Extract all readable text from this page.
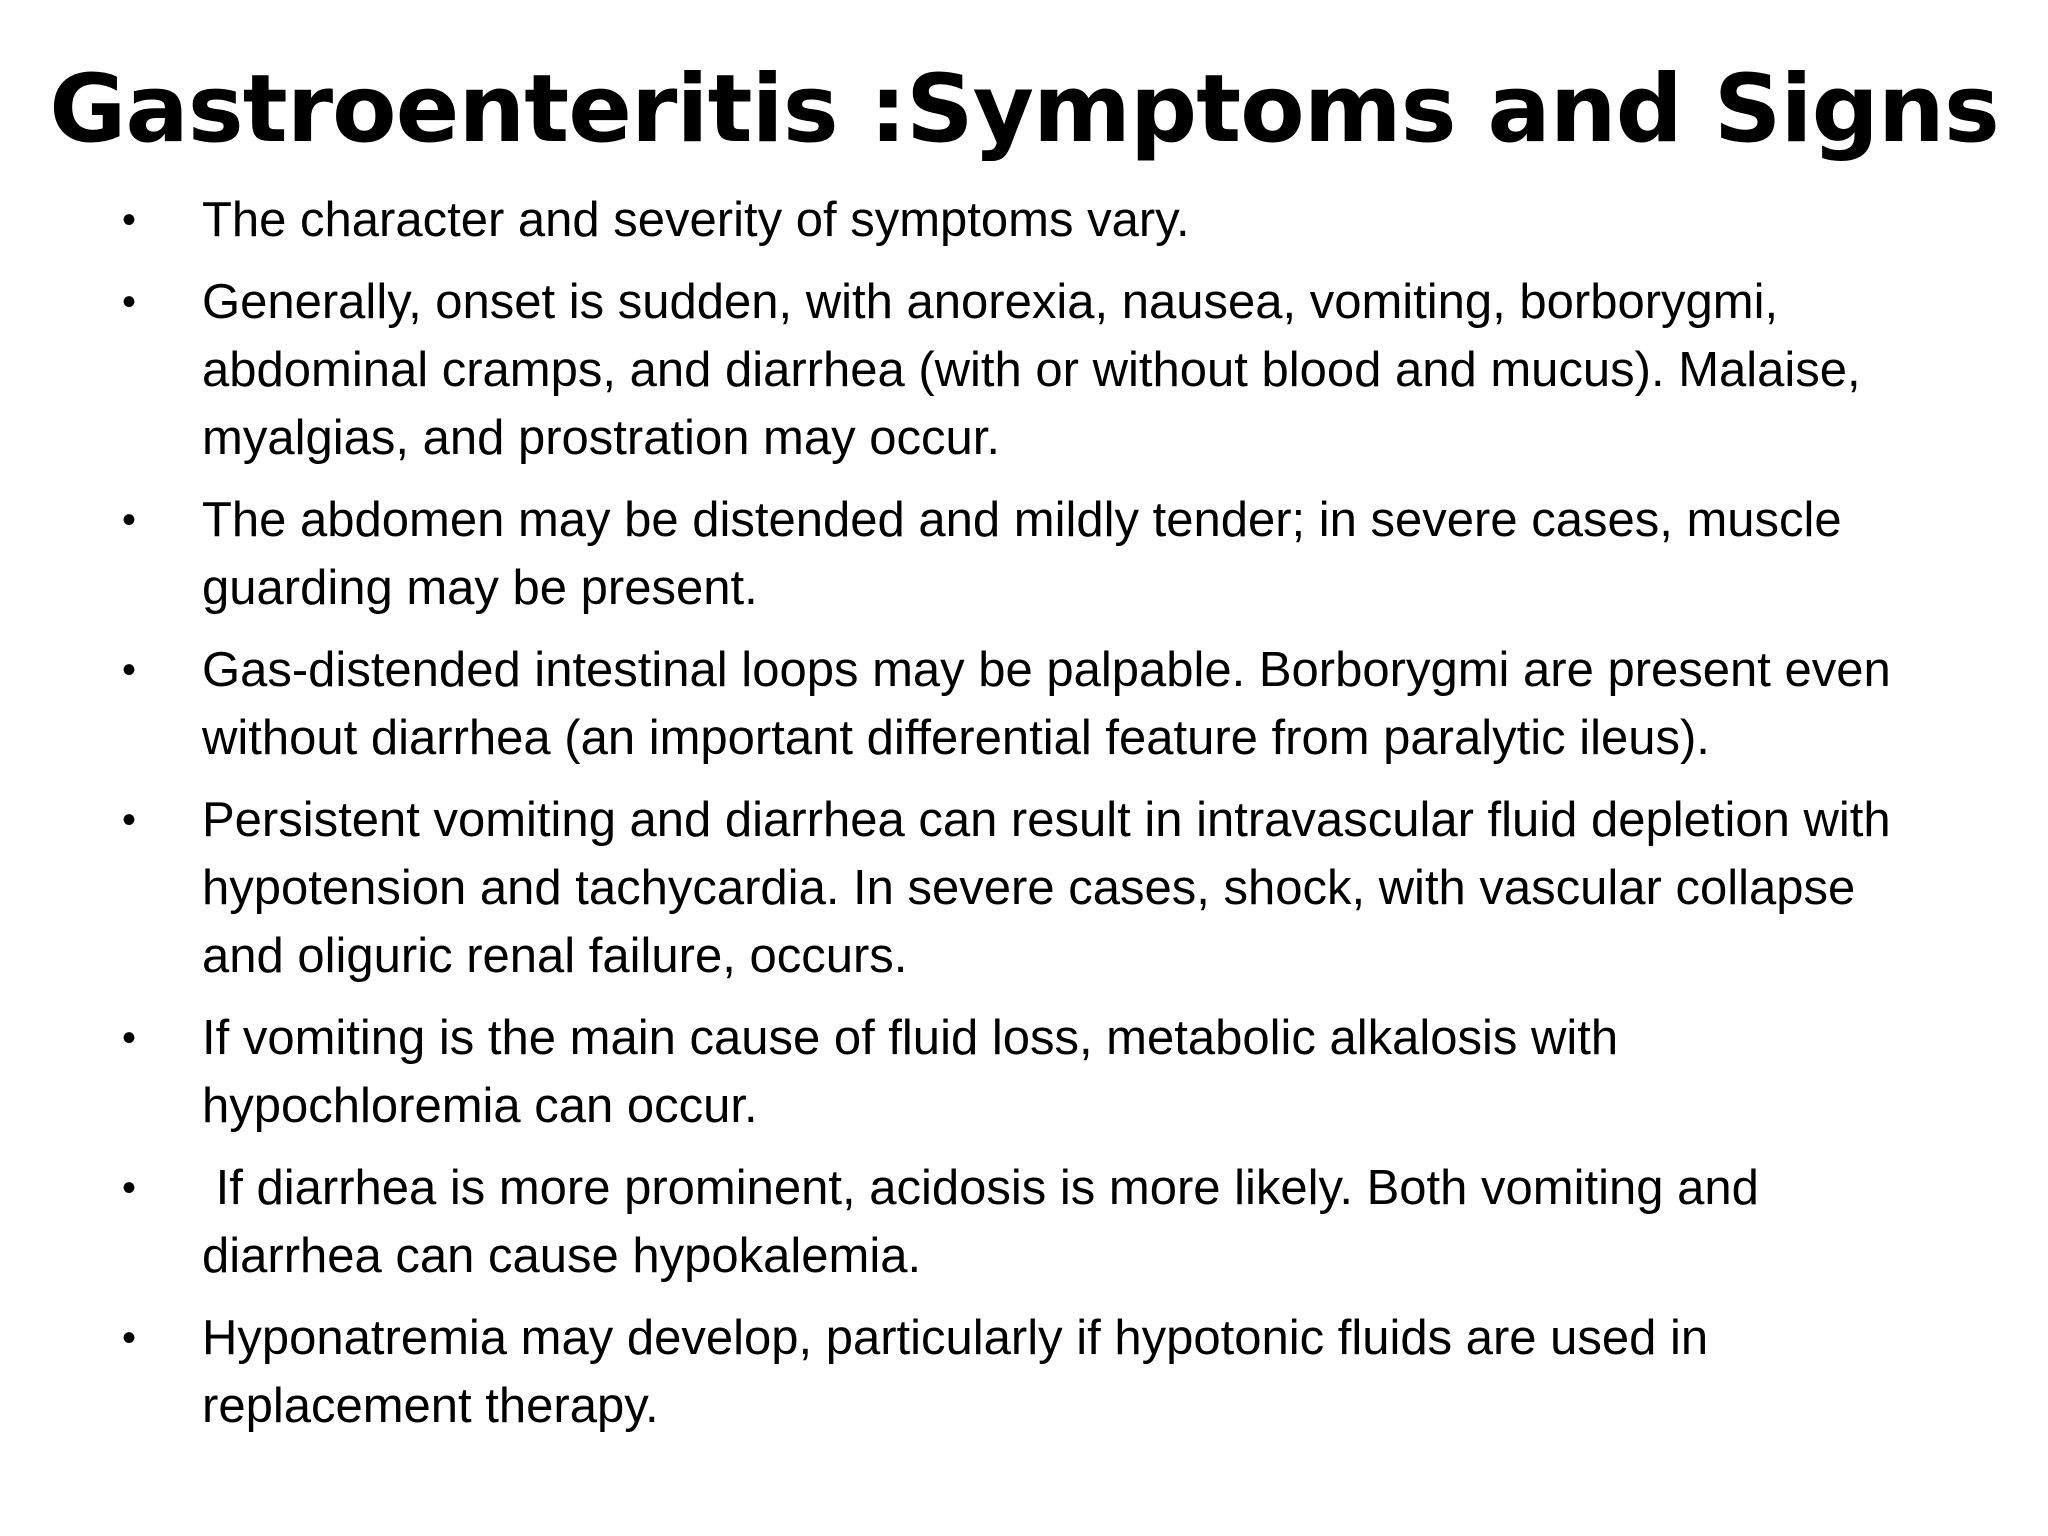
Gastroenteritis :Symptoms and Signs
• The character and severity of symptoms vary.
• Generally, onset is sudden, with anorexia, nausea, vomiting, borborygmi, abdominal cramps, and diarrhea (with or without blood and mucus). Malaise, myalgias, and prostration may occur.
• The abdomen may be distended and mildly tender; in severe cases, muscle guarding may be present.
• Gas-distended intestinal loops may be palpable. Borborygmi are present even without diarrhea (an important differential feature from paralytic ileus).
• Persistent vomiting and diarrhea can result in intravascular fluid depletion with hypotension and tachycardia. In severe cases, shock, with vascular collapse and oliguric renal failure, occurs.
• If vomiting is the main cause of fluid loss, metabolic alkalosis with hypochloremia can occur.
• If diarrhea is more prominent, acidosis is more likely. Both vomiting and diarrhea can cause hypokalemia.
• Hyponatremia may develop, particularly if hypotonic fluids are used in replacement therapy.
